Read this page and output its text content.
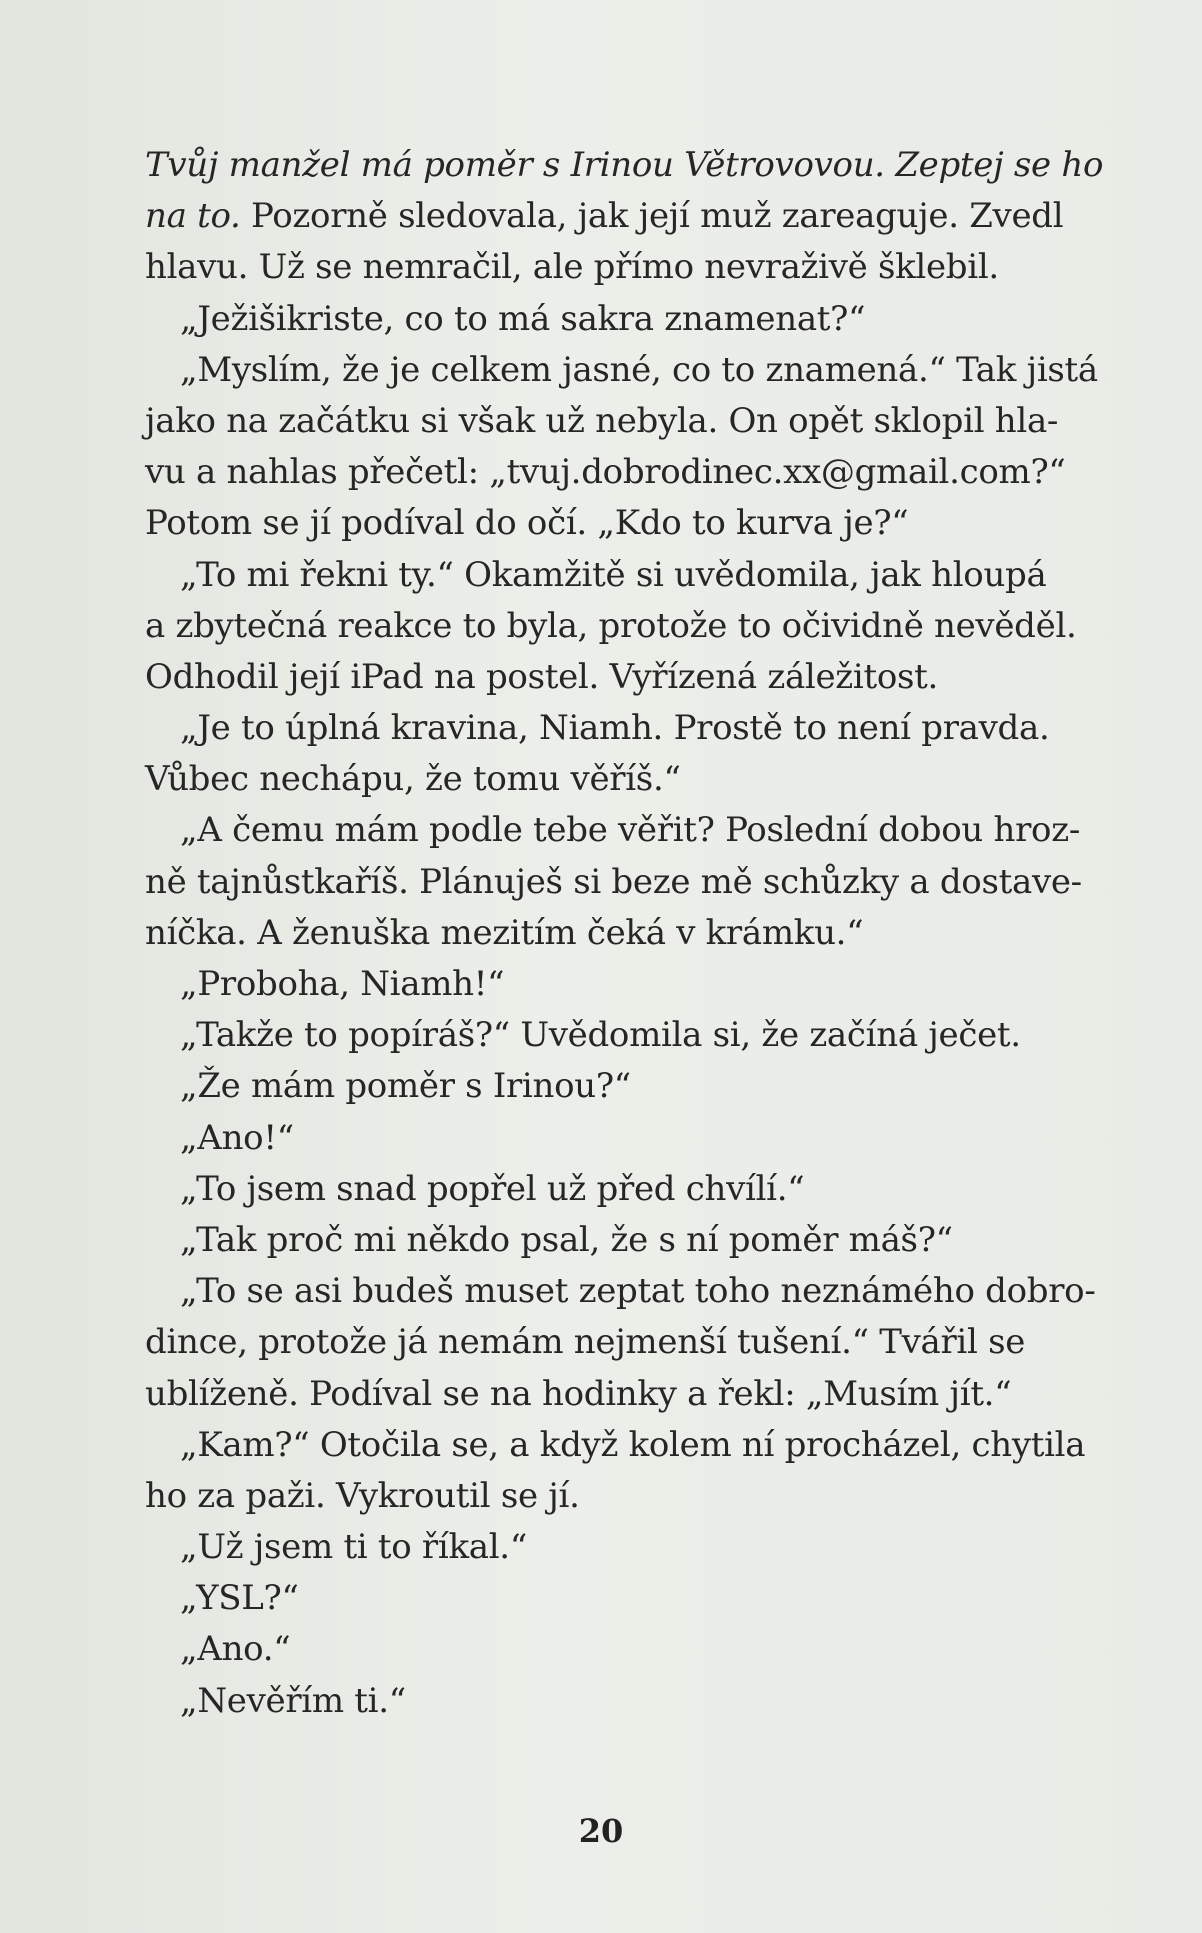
Tvůj manžel má poměr s Irinou Větrovovou. Zeptej se ho
na to. Pozorně sledovala, jak její muž zareaguje. Zvedl
hlavu. Už se nemračil, ale přímo nevraživě šklebil.
„Ježišikriste, co to má sakra znamenat?“
„Myslím, že je celkem jasné, co to znamená.“ Tak jistá
jako na začátku si však už nebyla. On opět sklopil hla-
vu a nahlas přečetl: „tvuj.dobrodinec.xx@gmail.com?“
Potom se jí podíval do očí. „Kdo to kurva je?“
„To mi řekni ty.“ Okamžitě si uvědomila, jak hloupá
a zbytečná reakce to byla, protože to očividně nevěděl.
Odhodil její iPad na postel. Vyřízená záležitost.
„Je to úplná kravina, Niamh. Prostě to není pravda.
Vůbec nechápu, že tomu věříš.“
„A čemu mám podle tebe věřit? Poslední dobou hroz-
ně tajnůstkaříš. Plánuješ si beze mě schůzky a dostave-
níčka. A ženuška mezitím čeká v krámku.“
„Proboha, Niamh!“
„Takže to popíráš?“ Uvědomila si, že začíná ječet.
„Že mám poměr s Irinou?“
„Ano!“
„To jsem snad popřel už před chvílí.“
„Tak proč mi někdo psal, že s ní poměr máš?“
„To se asi budeš muset zeptat toho neznámého dobro-
dince, protože já nemám nejmenší tušení.“ Tvářil se
ublíženě. Podíval se na hodinky a řekl: „Musím jít.“
„Kam?“ Otočila se, a když kolem ní procházel, chytila
ho za paži. Vykroutil se jí.
„Už jsem ti to říkal.“
„YSL?“
„Ano.“
„Nevěřím ti.“
20
